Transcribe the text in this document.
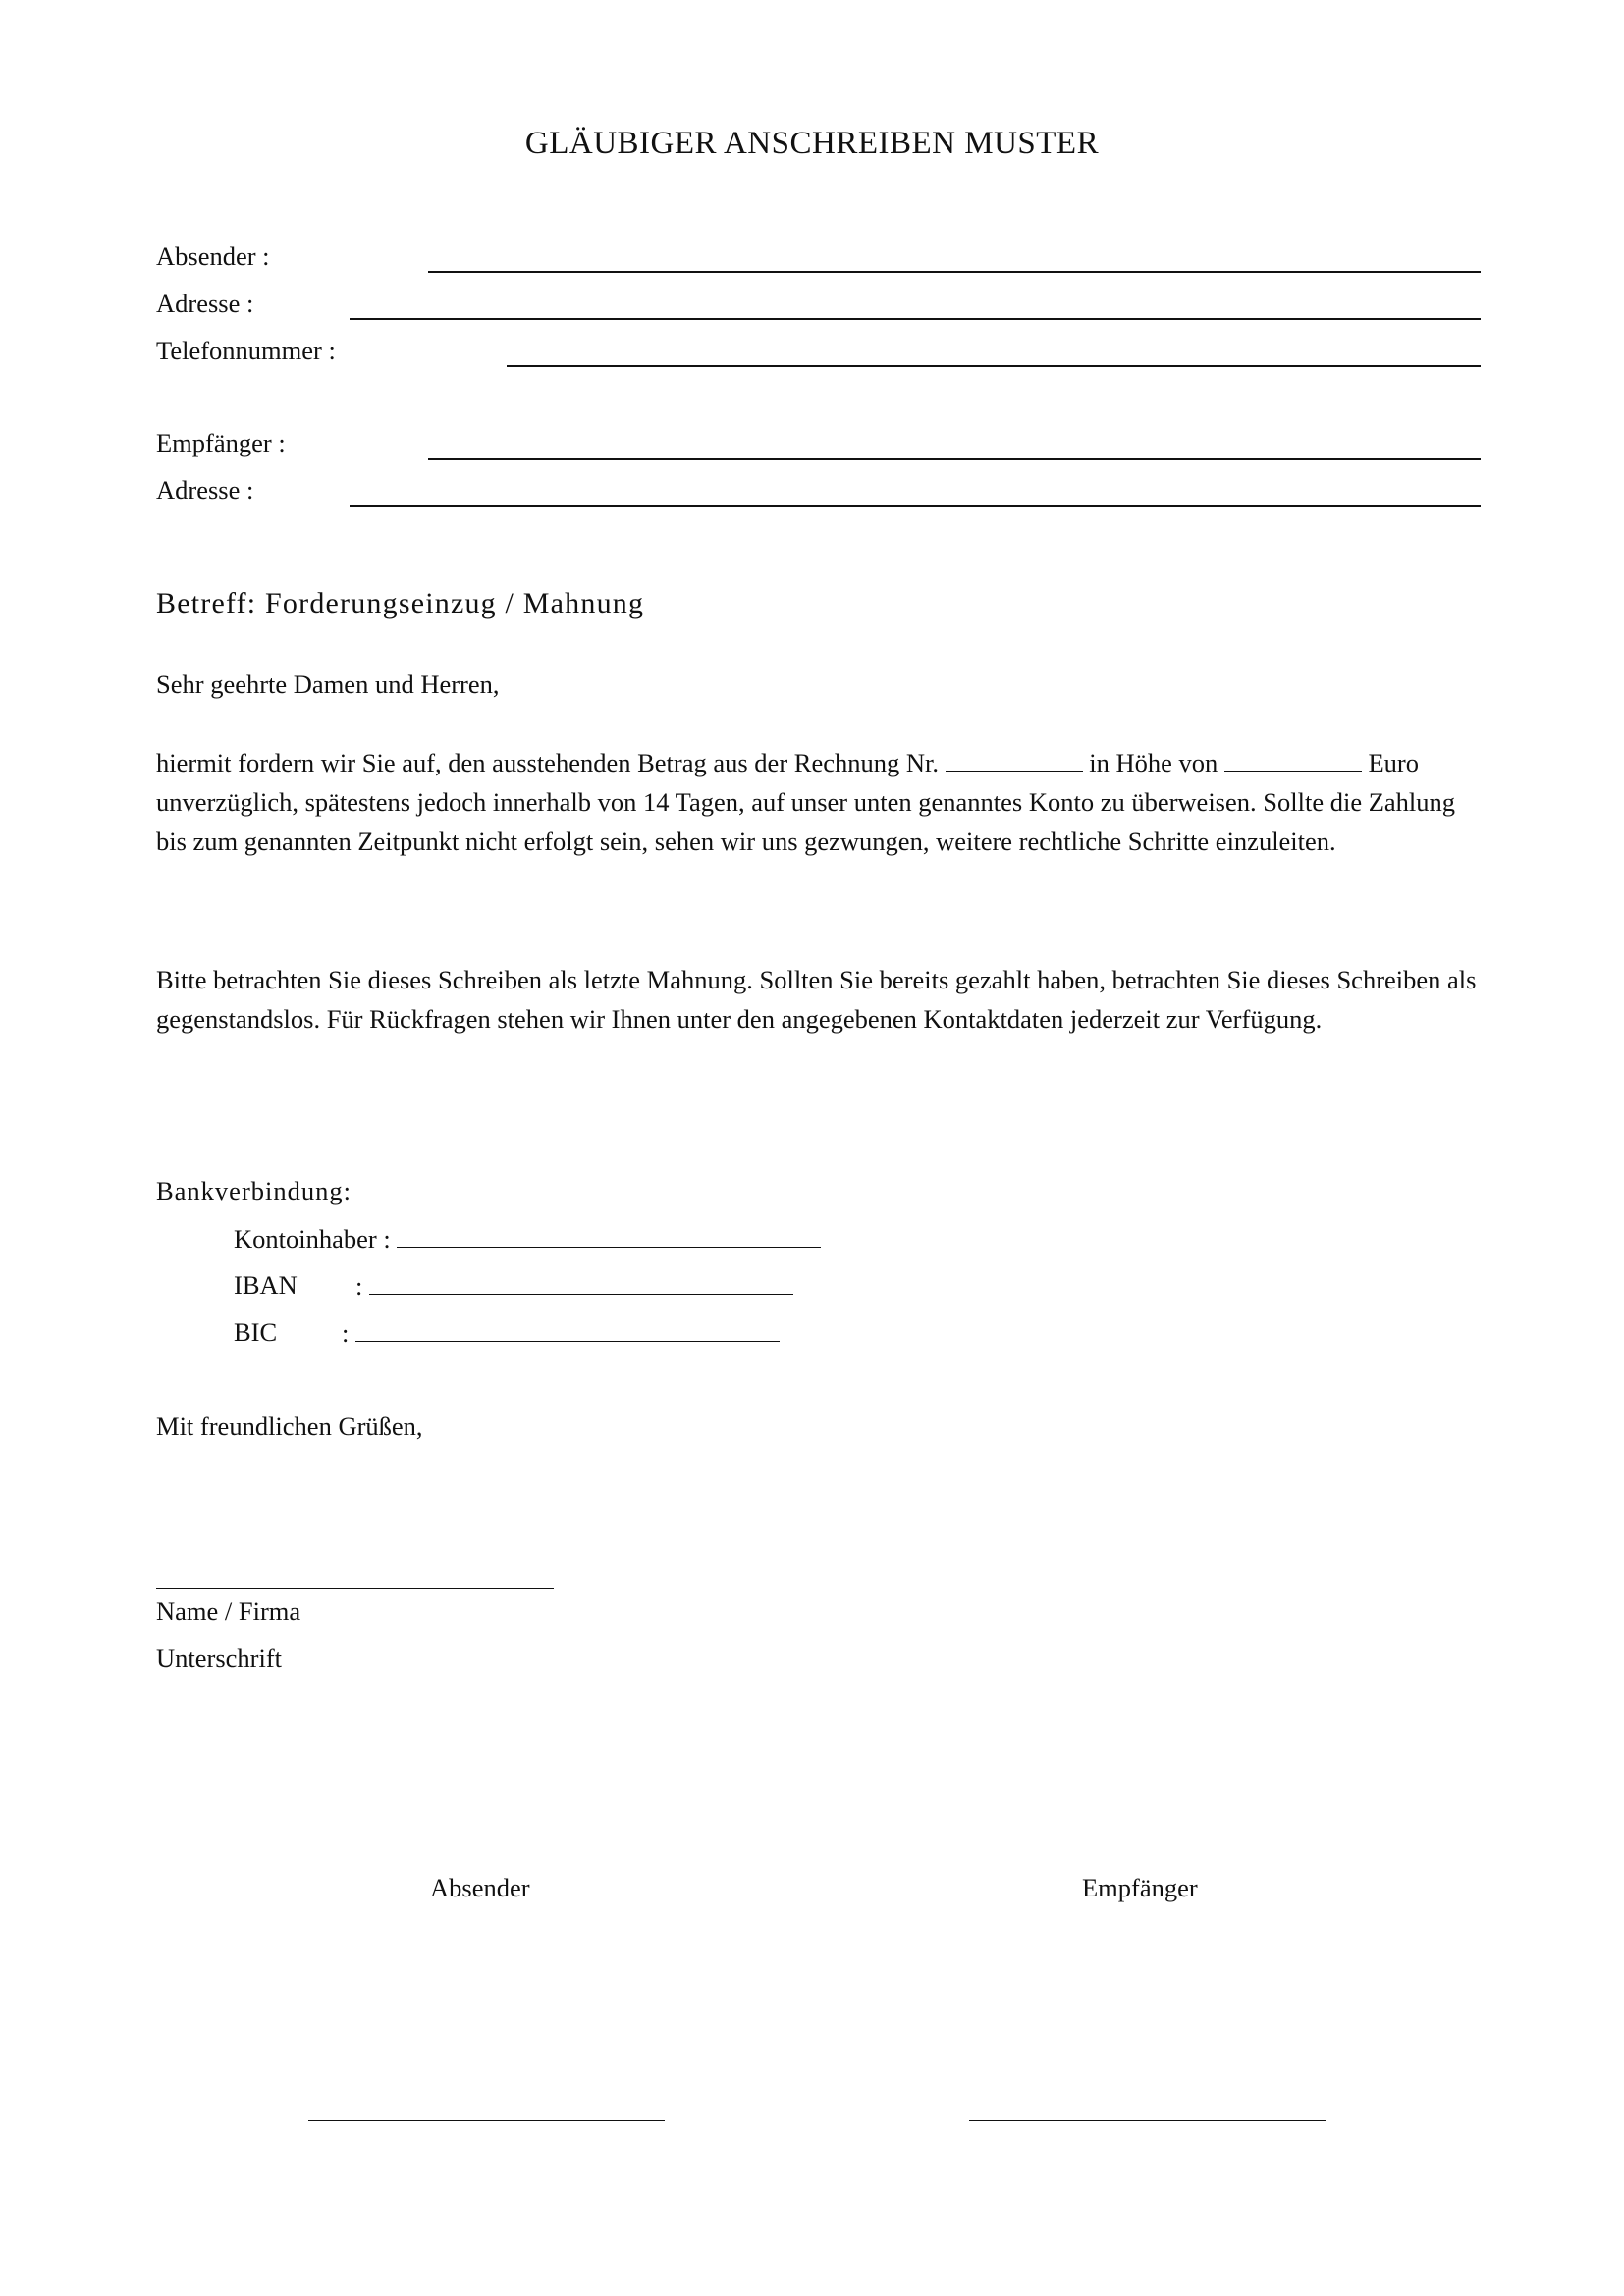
GLÄUBIGER ANSCHREIBEN MUSTER
Absender :
Adresse :
Telefonnummer :
Empfänger :
Adresse :
Betreff: Forderungseinzug / Mahnung
Sehr geehrte Damen und Herren,
hiermit fordern wir Sie auf, den ausstehenden Betrag aus der Rechnung Nr.	in Höhe von	Euro unverzüglich, spätestens jedoch innerhalb von 14 Tagen, auf unser unten genanntes Konto zu überweisen. Sollte die Zahlung bis zum genannten Zeitpunkt nicht erfolgt sein, sehen wir uns gezwungen, weitere rechtliche Schritte einzuleiten.
Bitte betrachten Sie dieses Schreiben als letzte Mahnung. Sollten Sie bereits gezahlt haben, betrachten Sie dieses Schreiben als gegenstandslos. Für Rückfragen stehen wir Ihnen unter den angegebenen Kontaktdaten jederzeit zur Verfügung.
Bankverbindung:
Kontoinhaber :
IBAN :
BIC :
Mit freundlichen Grüßen,
Name / Firma
Unterschrift
Absender	Empfänger
